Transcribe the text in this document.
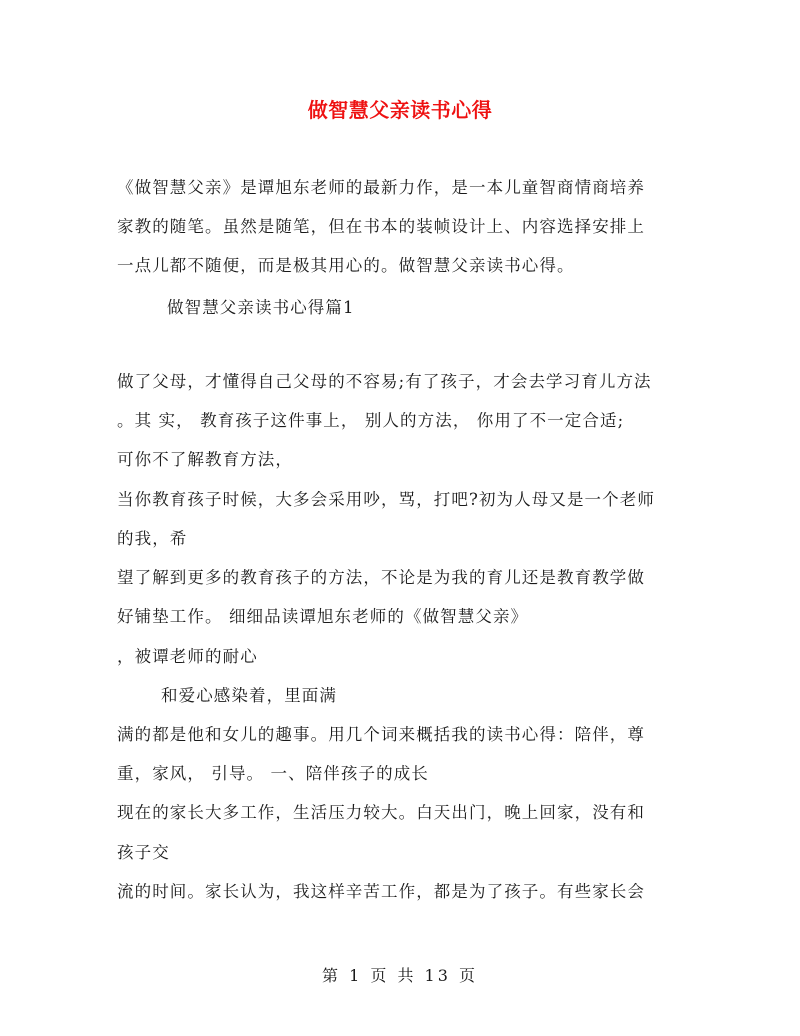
做智慧父亲读书心得
《做智慧父亲》是谭旭东老师的最新力作，是一本儿童智商情商培养
家教的随笔。虽然是随笔，但在书本的装帧设计上、内容选择安排上
一点儿都不随便，而是极其用心的。做智慧父亲读书心得。
做智慧父亲读书心得篇1
做了父母，才懂得自己父母的不容易;有了孩子，才会去学习育儿方法
。其 实， 教育孩子这件事上， 别人的方法， 你用了不一定合适;
可你不了解教育方法，
当你教育孩子时候，大多会采用吵，骂，打吧?初为人母又是一个老师
的我，希
望了解到更多的教育孩子的方法，不论是为我的育儿还是教育教学做
好铺垫工作。 细细品读谭旭东老师的《做智慧父亲》
，被谭老师的耐心
和爱心感染着，里面满
满的都是他和女儿的趣事。用几个词来概括我的读书心得：陪伴，尊
重，家风， 引导。 一、陪伴孩子的成长
现在的家长大多工作，生活压力较大。白天出门，晚上回家，没有和
孩子交
流的时间。家长认为，我这样辛苦工作，都是为了孩子。有些家长会
第 1 页 共 13 页
